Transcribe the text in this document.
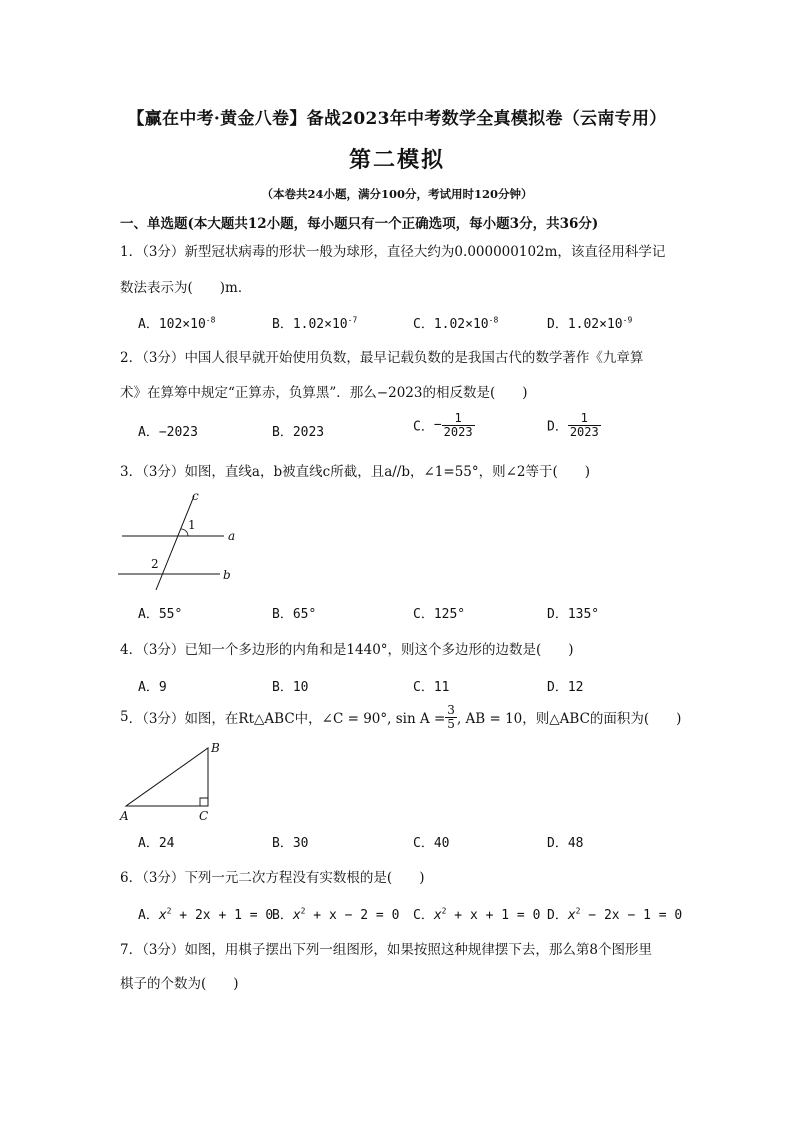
【赢在中考·黄金八卷】备战2023年中考数学全真模拟卷（云南专用）
第二模拟
（本卷共24小题，满分100分，考试用时120分钟）
一、单选题(本大题共12小题，每小题只有一个正确选项，每小题3分，共36分)
1．（3分）新型冠状病毒的形状一般为球形，直径大约为0.000000102m，该直径用科学记
数法表示为(　　)m．
A．$102\times 10^{-8}$	B．$1.02\times 10^{-7}$	C．$1.02\times 10^{-8}$	D．$1.02\times 10^{-9}$
2．（3分）中国人很早就开始使用负数，最早记载负数的是我国古代的数学著作《九章算
术》在算筹中规定“正算赤，负算黑”．那么−2023的相反数是(　　)
A．−2023	B．2023	C．− $\frac{1}{2023}$	D． $\frac{1}{2023}$
3．（3分）如图，直线a，b被直线c所截，且a//b，∠1=55°，则∠2等于(　　)
c
a
b
1
2
A．55°	B．65°	C．125°	D．135°
4．（3分）已知一个多边形的内角和是1440°，则这个多边形的边数是(　　)
A．9	B．10	C．11	D．12
5．（3分）如图，在Rt△ABC中，∠C = 90°, $\sin A = \frac{3}{5}$ , AB = 10，则△ABC的面积为(　　)
B
A	C
A．24	B．30	C．40	D．48
6．（3分）下列一元二次方程没有实数根的是(　　)
A．$x^2 + 2x + 1 = 0$
B．$x^2 + x - 2 = 0$ C．$x^2 + x + 1 = 0$ D．$x^2 - 2x - 1 = 0$
7．（3分）如图，用棋子摆出下列一组图形，如果按照这种规律摆下去，那么第8个图形里
棋子的个数为(　　)
